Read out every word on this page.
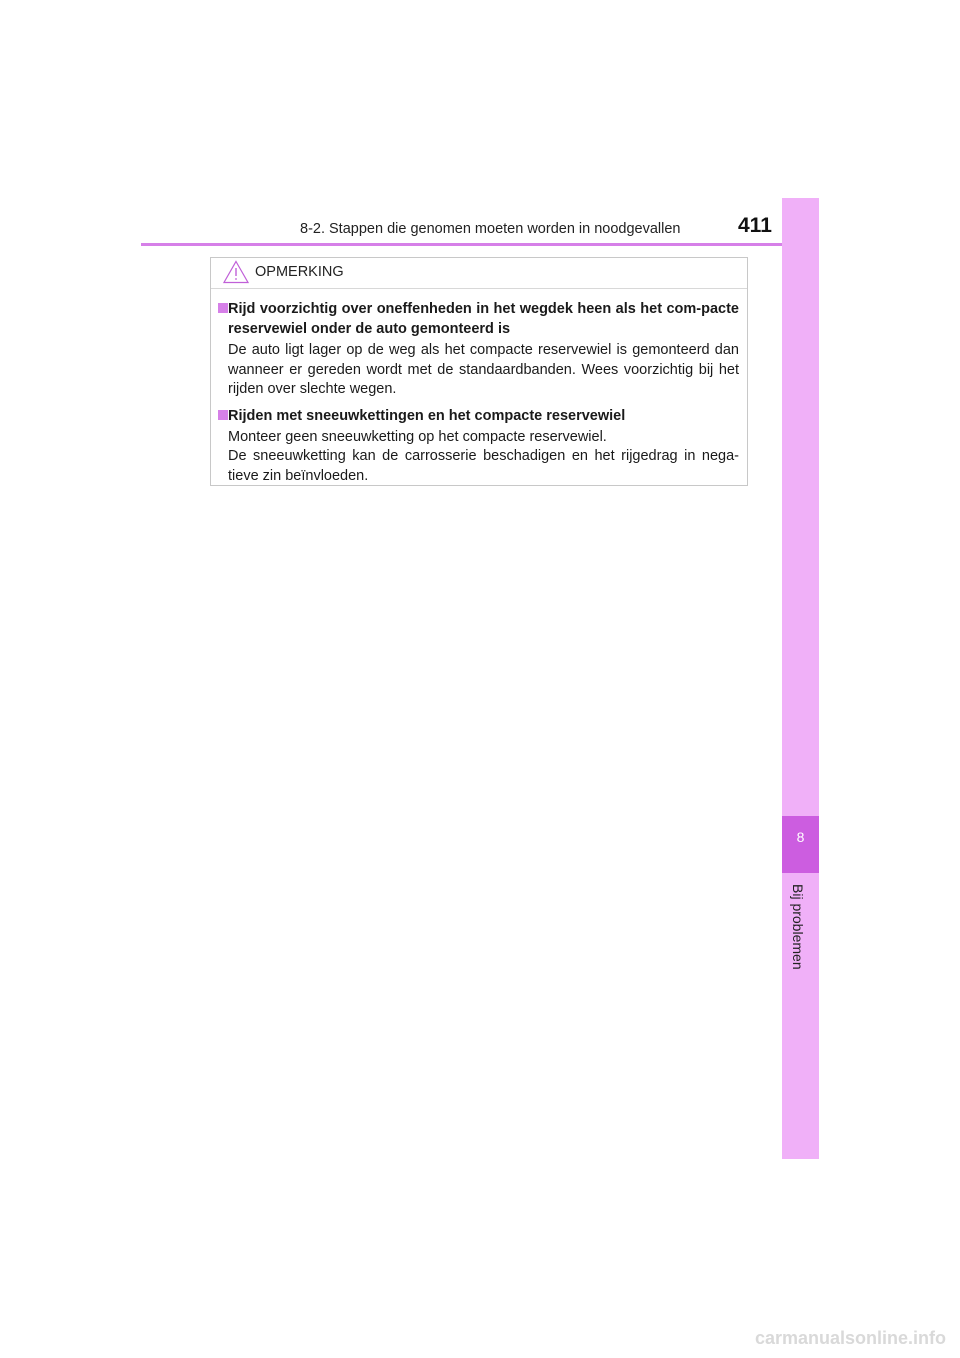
8-2. Stappen die genomen moeten worden in noodgevallen	411
8
Bij problemen
OPMERKING
Rijd voorzichtig over oneffenheden in het wegdek heen als het com-pacte reservewiel onder de auto gemonteerd is
De auto ligt lager op de weg als het compacte reservewiel is gemonteerd dan wanneer er gereden wordt met de standaardbanden. Wees voorzichtig bij het rijden over slechte wegen.
Rijden met sneeuwkettingen en het compacte reservewiel
Monteer geen sneeuwketting op het compacte reservewiel.
De sneeuwketting kan de carrosserie beschadigen en het rijgedrag in nega-tieve zin beïnvloeden.
carmanualsonline.info
